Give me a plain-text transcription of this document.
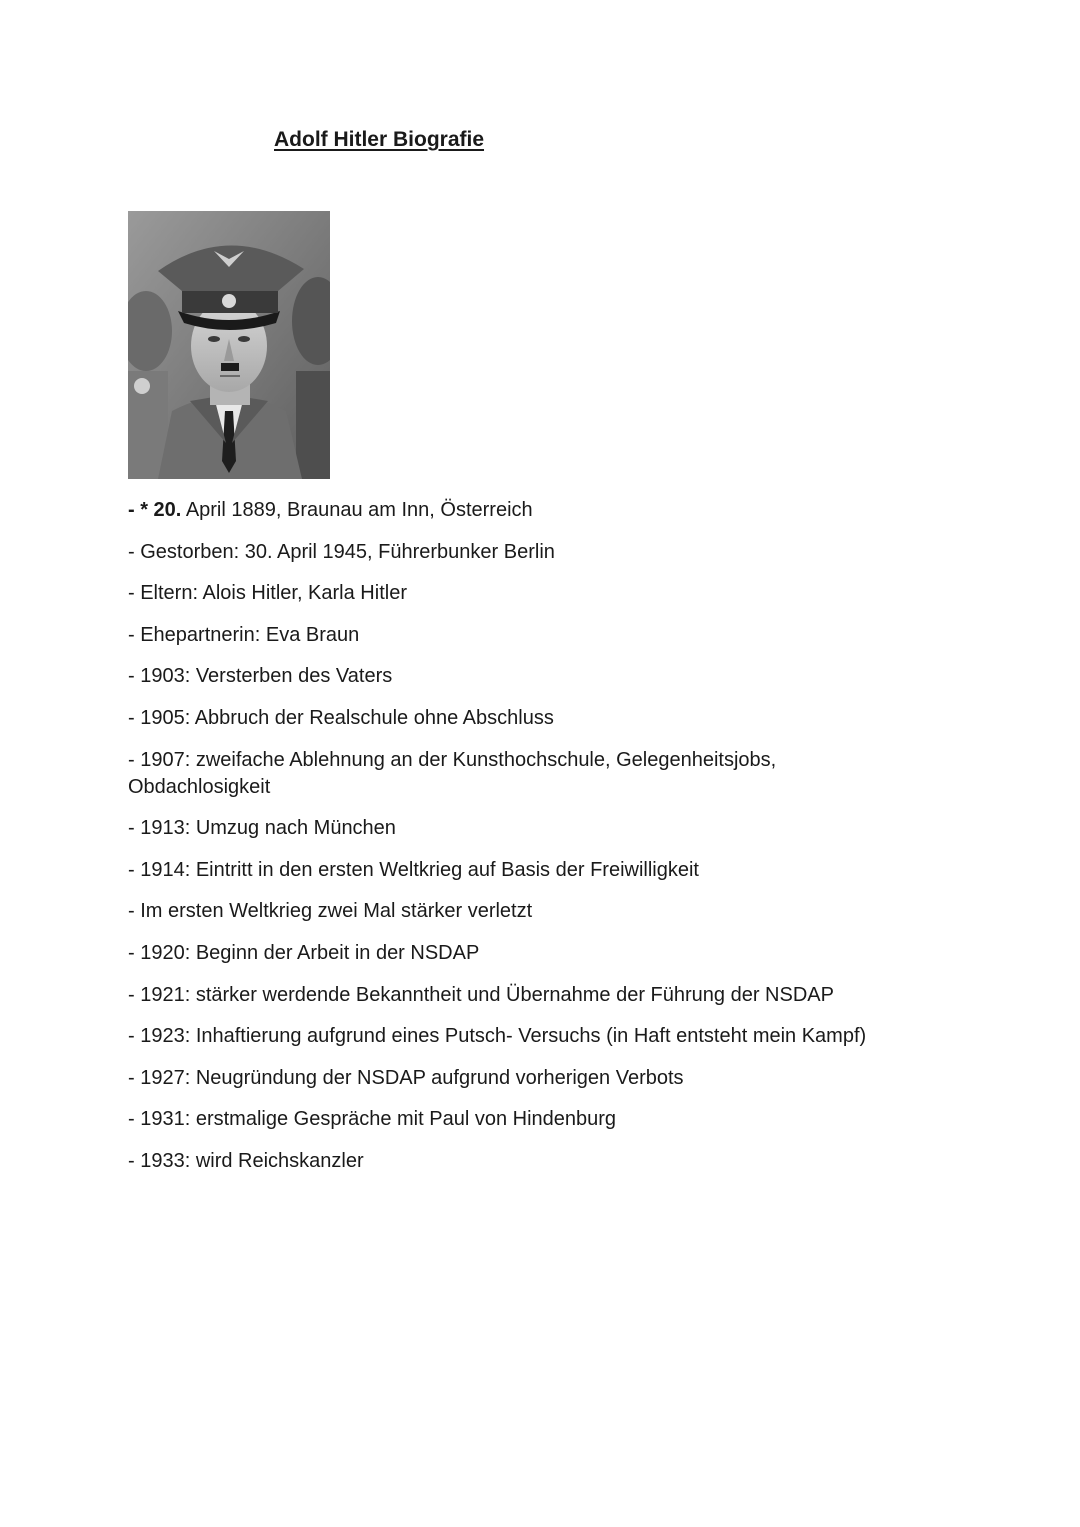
Adolf Hitler Biografie
- * 20. April 1889, Braunau am Inn, Österreich
- Gestorben: 30. April 1945, Führerbunker Berlin
- Eltern: Alois Hitler, Karla Hitler
- Ehepartnerin: Eva Braun
- 1903: Versterben des Vaters
- 1905: Abbruch der Realschule ohne Abschluss
- 1907: zweifache Ablehnung an der Kunsthochschule, Gelegenheitsjobs, Obdachlosigkeit
- 1913: Umzug nach München
- 1914: Eintritt in den ersten Weltkrieg auf Basis der Freiwilligkeit
- Im ersten Weltkrieg zwei Mal stärker verletzt
- 1920: Beginn der Arbeit in der NSDAP
- 1921: stärker werdende Bekanntheit und Übernahme der Führung der NSDAP
- 1923: Inhaftierung aufgrund eines Putsch- Versuchs (in Haft entsteht mein Kampf)
- 1927: Neugründung der NSDAP aufgrund vorherigen Verbots
- 1931: erstmalige Gespräche mit Paul von Hindenburg
- 1933: wird Reichskanzler
